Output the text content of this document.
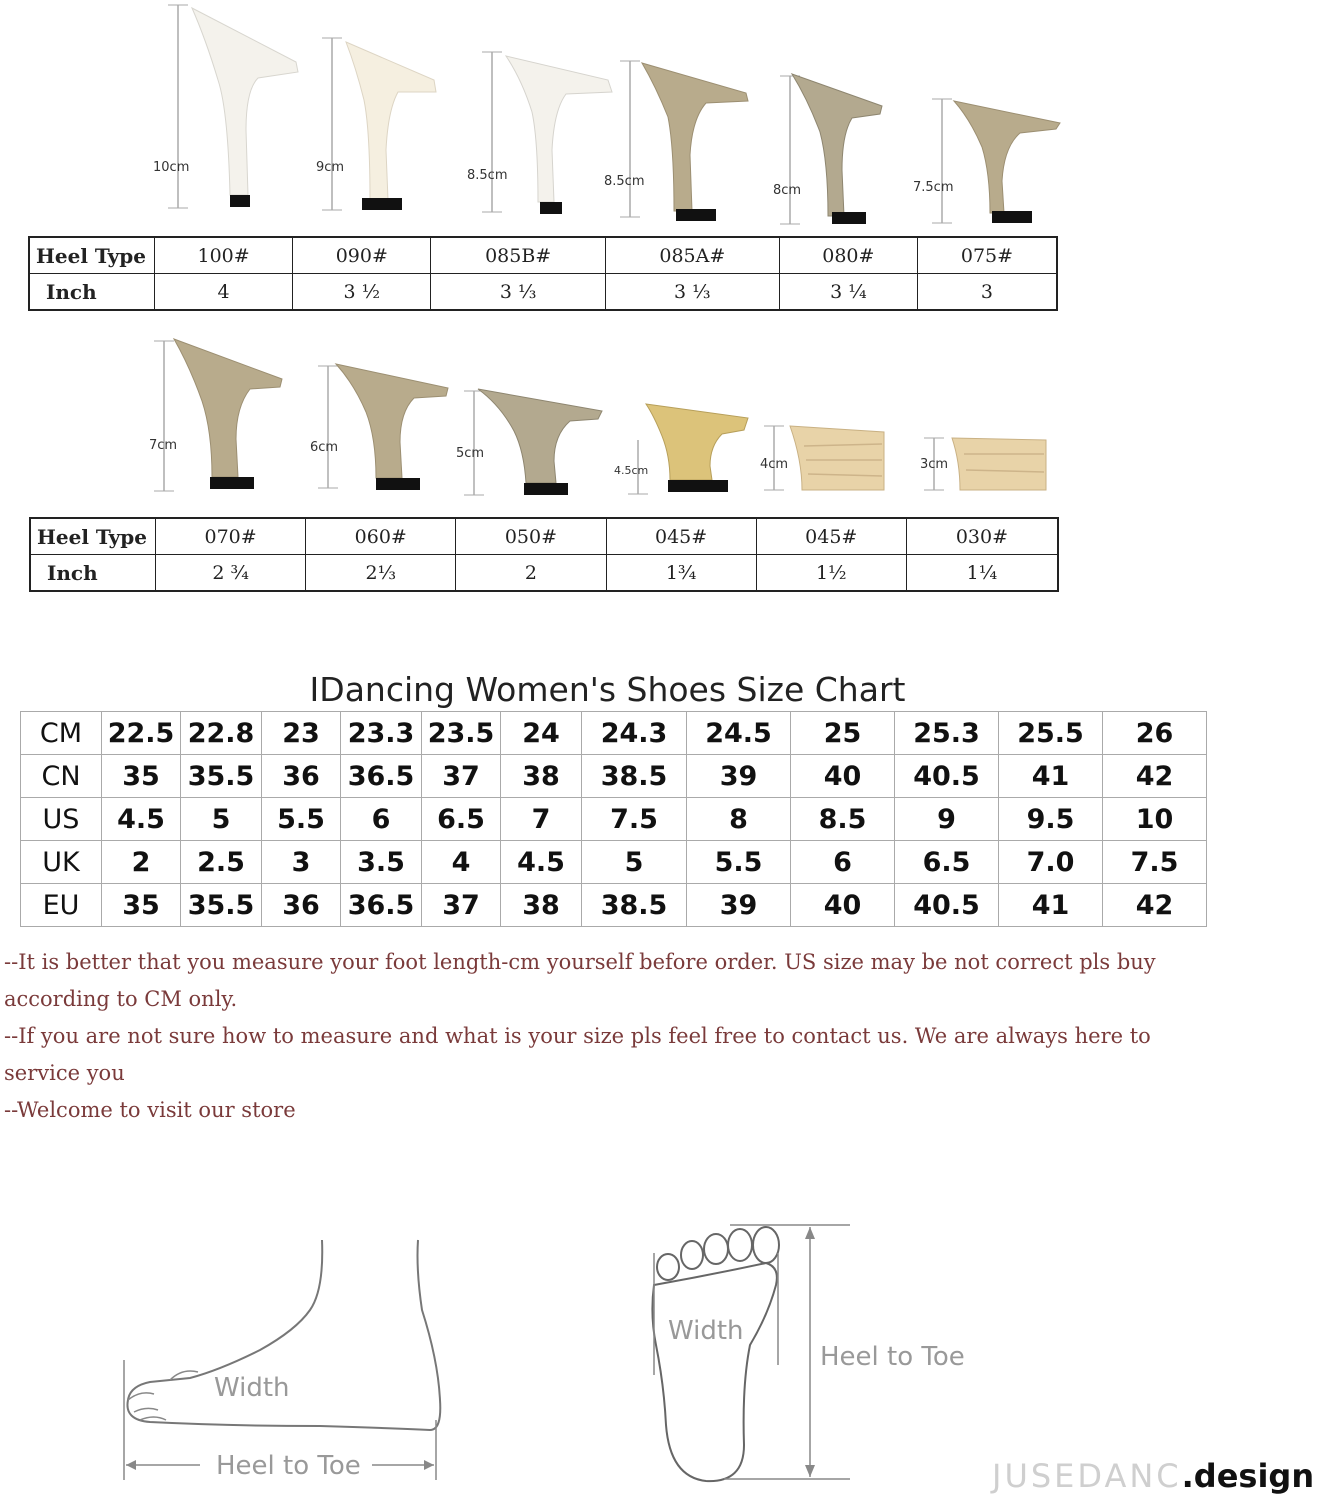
10cm	9cm
8.5cm	8.5cm
8cm	7.5cm
Heel Type	100#	090#	085B#	085A#	080#	075#
Inch	4	3 ½	3 ⅓	3 ⅓	3 ¼	3
7cm	6cm	5cm
4.5cm	4cm	3cm
Heel Type	070#	060#	050#	045#	045#	030#
Inch	2 ¾	2⅓	2	1¾	1½	1¼
IDancing Women's Shoes Size Chart
CM	22.5	22.8	23	23.3	23.5	24	24.3	24.5	25	25.3	25.5	26
CN	35	35.5	36	36.5	37	38	38.5	39	40	40.5	41	42
US	4.5	5	5.5	6	6.5	7	7.5	8	8.5	9	9.5	10
UK	2	2.5	3	3.5	4	4.5	5	5.5	6	6.5	7.0	7.5
EU	35	35.5	36	36.5	37	38	38.5	39	40	40.5	41	42
--It is better that you measure your foot length-cm yourself before order. US size may be not correct pls buy according to CM only.
--If you are not sure how to measure and what is your size pls feel free to contact us. We are always here to service you
--Welcome to visit our store
Width
Heel to Toe
Width
Heel to Toe
JUSEDANC.design
